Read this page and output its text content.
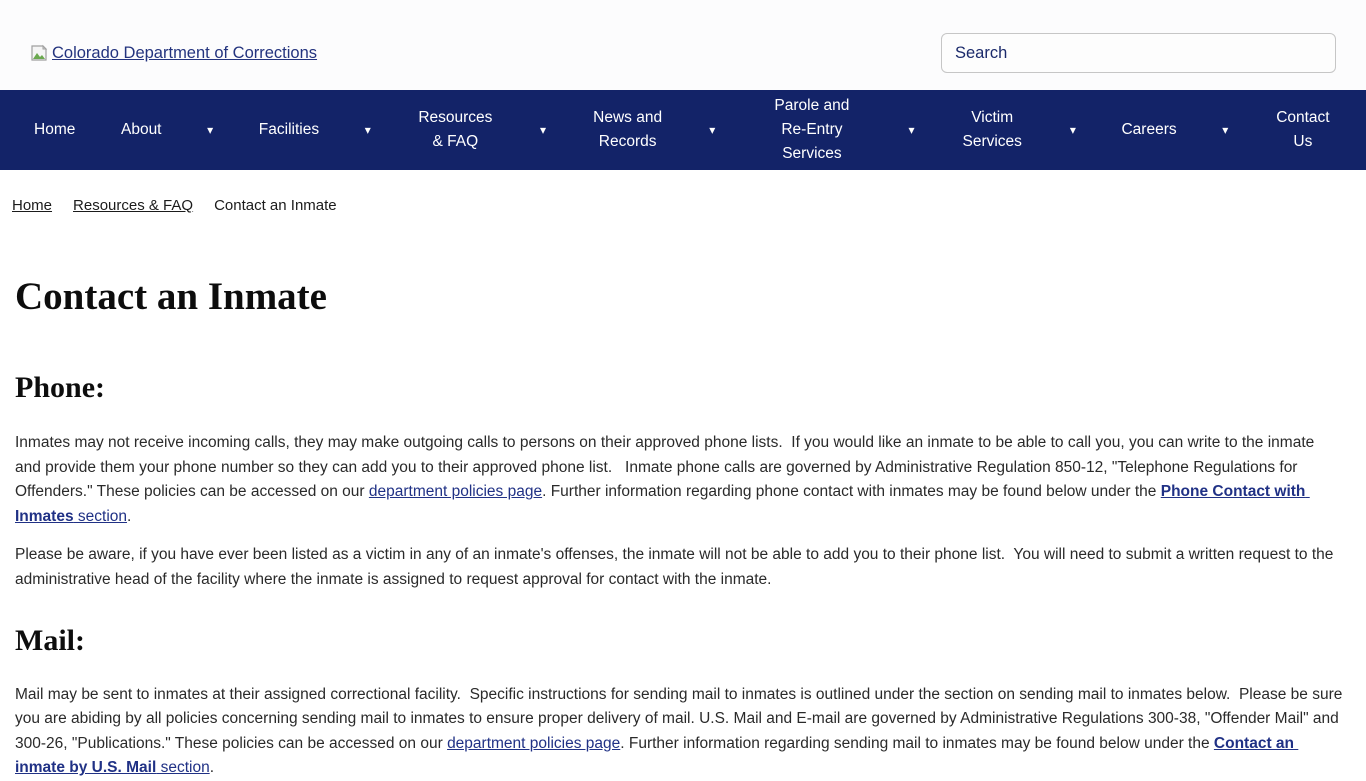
Colorado Department of Corrections
Search
Home	About	▾	Facilities	▾
Resources & FAQ
▾
News and Records
▾
Parole and Re-Entry Services
▾
Victim Services
▾	Careers	▾
Contact Us
Home Resources & FAQ Contact an Inmate
Contact an Inmate
Phone:

Inmates may not receive incoming calls, they may make outgoing calls to persons on their approved phone lists.  If you would like an inmate to be able to call you, you can write to the inmate and provide them your phone number so they can add you to their approved phone list.   Inmate phone calls are governed by Administrative Regulation 850-12, "Telephone Regulations for Offenders." These policies can be accessed on our department policies page. Further information regarding phone contact with inmates may be found below under the Phone Contact with Inmates section.

Please be aware, if you have ever been listed as a victim in any of an inmate's offenses, the inmate will not be able to add you to their phone list.  You will need to submit a written request to the administrative head of the facility where the inmate is assigned to request approval for contact with the inmate.

Mail:

Mail may be sent to inmates at their assigned correctional facility.  Specific instructions for sending mail to inmates is outlined under the section on sending mail to inmates below.  Please be sure you are abiding by all policies concerning sending mail to inmates to ensure proper delivery of mail. U.S. Mail and E-mail are governed by Administrative Regulations 300-38, "Offender Mail" and 300-26, "Publications." These policies can be accessed on our department policies page. Further information regarding sending mail to inmates may be found below under the Contact an inmate by U.S. Mail section.
